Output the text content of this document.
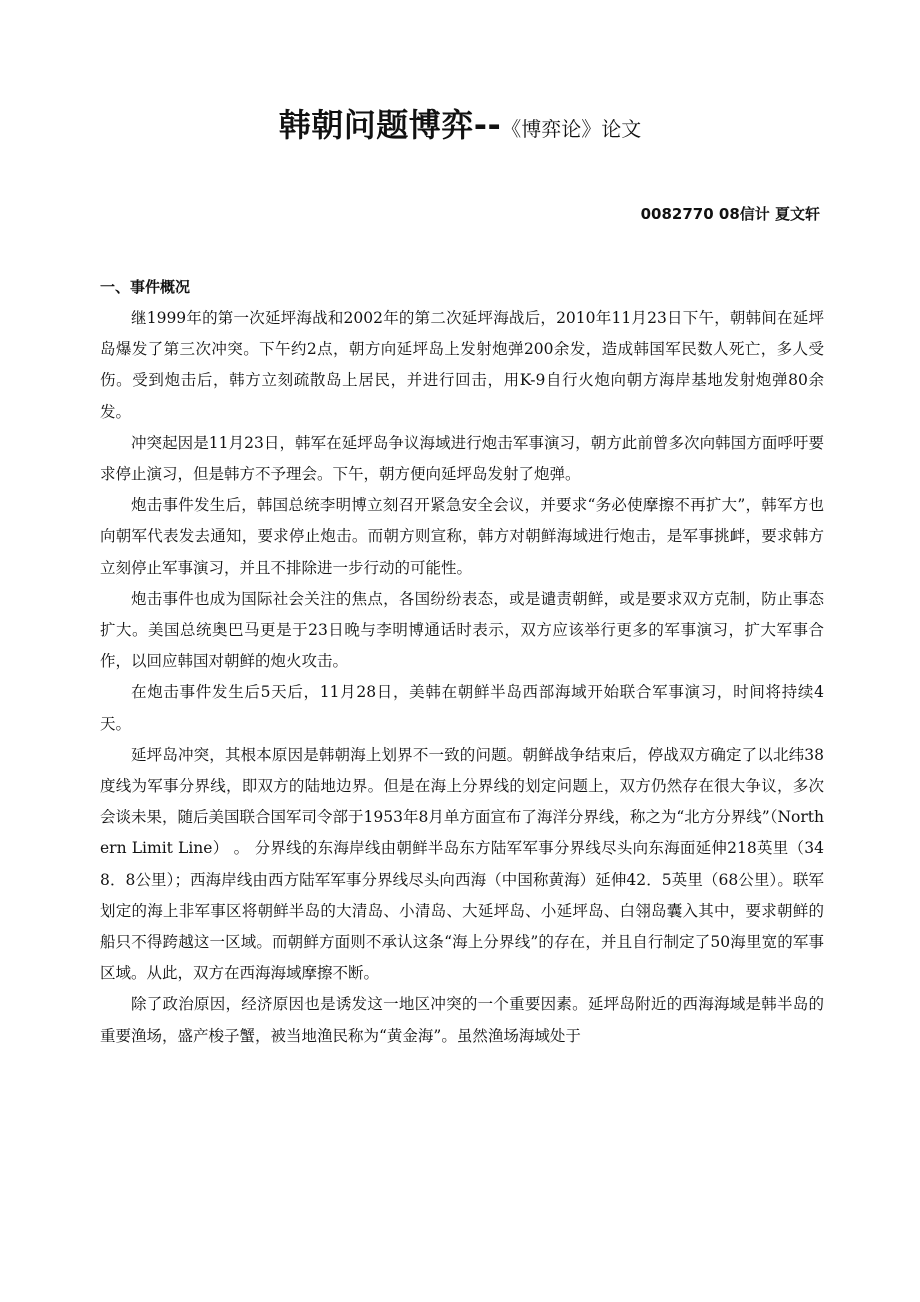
韩朝问题博弈--《博弈论》论文
0082770 08信计 夏文轩

一、事件概况

继1999年的第一次延坪海战和2002年的第二次延坪海战后，2010年11月23日下午，朝韩间在延坪岛爆发了第三次冲突。下午约2点，朝方向延坪岛上发射炮弹200余发，造成韩国军民数人死亡，多人受伤。受到炮击后，韩方立刻疏散岛上居民，并进行回击，用K-9自行火炮向朝方海岸基地发射炮弹80余发。

冲突起因是11月23日，韩军在延坪岛争议海域进行炮击军事演习，朝方此前曾多次向韩国方面呼吁要求停止演习，但是韩方不予理会。下午，朝方便向延坪岛发射了炮弹。

炮击事件发生后，韩国总统李明博立刻召开紧急安全会议，并要求“务必使摩擦不再扩大”，韩军方也向朝军代表发去通知，要求停止炮击。而朝方则宣称，韩方对朝鲜海域进行炮击，是军事挑衅，要求韩方立刻停止军事演习，并且不排除进一步行动的可能性。

炮击事件也成为国际社会关注的焦点，各国纷纷表态，或是谴责朝鲜，或是要求双方克制，防止事态扩大。美国总统奥巴马更是于23日晚与李明博通话时表示，双方应该举行更多的军事演习，扩大军事合作，以回应韩国对朝鲜的炮火攻击。

在炮击事件发生后5天后，11月28日，美韩在朝鲜半岛西部海域开始联合军事演习，时间将持续4天。

延坪岛冲突，其根本原因是韩朝海上划界不一致的问题。朝鲜战争结束后，停战双方确定了以北纬38度线为军事分界线，即双方的陆地边界。但是在海上分界线的划定问题上，双方仍然存在很大争议，多次会谈未果，随后美国联合国军司令部于1953年8月单方面宣布了海洋分界线，称之为“北方分界线”（Northern Limit Line） 。 分界线的东海岸线由朝鲜半岛东方陆军军事分界线尽头向东海面延伸218英里（348．8公里）；西海岸线由西方陆军军事分界线尽头向西海（中国称黄海）延伸42．5英里（68公里）。联军划定的海上非军事区将朝鲜半岛的大清岛、小清岛、大延坪岛、小延坪岛、白翎岛囊入其中，要求朝鲜的船只不得跨越这一区域。而朝鲜方面则不承认这条“海上分界线”的存在，并且自行制定了50海里宽的军事区域。从此，双方在西海海域摩擦不断。

除了政治原因，经济原因也是诱发这一地区冲突的一个重要因素。延坪岛附近的西海海域是韩半岛的重要渔场，盛产梭子蟹，被当地渔民称为“黄金海”。虽然渔场海域处于
